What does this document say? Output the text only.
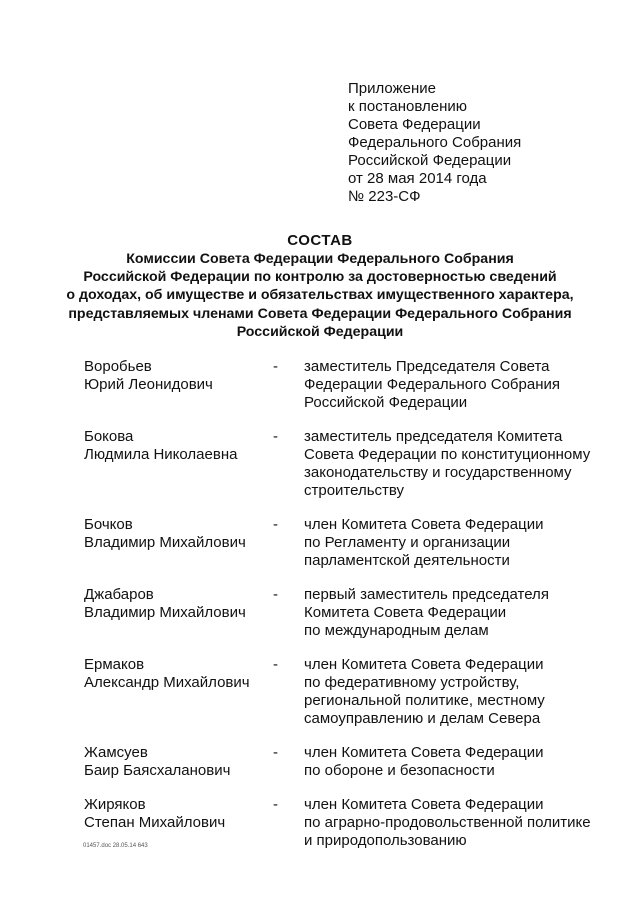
Приложение
к постановлению
Совета Федерации
Федерального Собрания
Российской Федерации
от 28 мая 2014 года
№ 223-СФ
СОСТАВ
Комиссии Совета Федерации Федерального Собрания
Российской Федерации по контролю за достоверностью сведений
о доходах, об имуществе и обязательствах имущественного характера,
представляемых членами Совета Федерации Федерального Собрания
Российской Федерации
Воробьев
Юрий Леонидович
- заместитель Председателя Совета
Федерации Федерального Собрания
Российской Федерации
Бокова
Людмила Николаевна
- заместитель председателя Комитета
Совета Федерации по конституционному
законодательству и государственному
строительству
Бочков
Владимир Михайлович
- член Комитета Совета Федерации
по Регламенту и организации
парламентской деятельности
Джабаров
Владимир Михайлович
- первый заместитель председателя
Комитета Совета Федерации
по международным делам
Ермаков
Александр Михайлович
- член Комитета Совета Федерации
по федеративному устройству,
региональной политике, местному
самоуправлению и делам Севера
Жамсуев
Баир Баясхаланович
- член Комитета Совета Федерации
по обороне и безопасности
Жиряков
Степан Михайлович
- член Комитета Совета Федерации
по аграрно-продовольственной политике
и природопользованию
01457.doc 28.05.14 643
